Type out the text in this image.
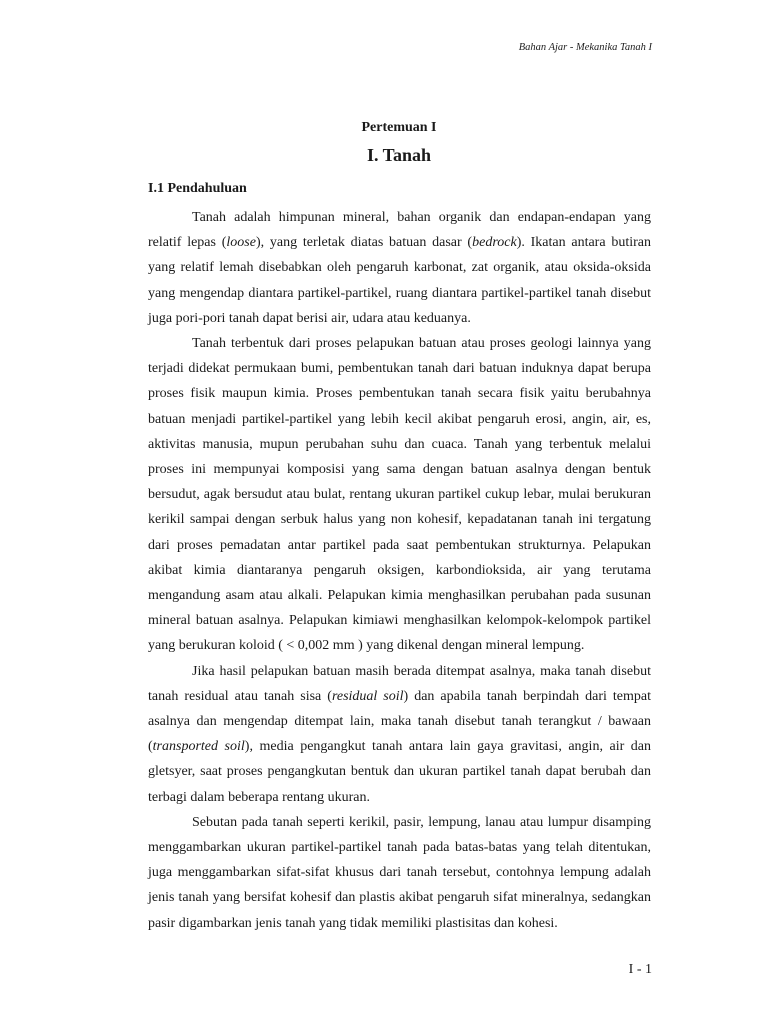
Bahan Ajar - Mekanika Tanah I
Pertemuan I
I. Tanah
I.1 Pendahuluan

Tanah adalah himpunan mineral, bahan organik dan endapan-endapan yang relatif lepas (loose), yang terletak diatas batuan dasar (bedrock). Ikatan antara butiran yang relatif lemah disebabkan oleh pengaruh karbonat, zat organik, atau oksida-oksida yang mengendap diantara partikel-partikel, ruang diantara partikel-partikel tanah disebut juga pori-pori tanah dapat berisi air, udara atau keduanya.

Tanah terbentuk dari proses pelapukan batuan atau proses geologi lainnya yang terjadi didekat permukaan bumi, pembentukan tanah dari batuan induknya dapat berupa proses fisik maupun kimia. Proses pembentukan tanah secara fisik yaitu berubahnya batuan menjadi partikel-partikel yang lebih kecil akibat pengaruh erosi, angin, air, es, aktivitas manusia, mupun perubahan suhu dan cuaca. Tanah yang terbentuk melalui proses ini mempunyai komposisi yang sama dengan batuan asalnya dengan bentuk bersudut, agak bersudut atau bulat, rentang ukuran partikel cukup lebar, mulai berukuran kerikil sampai dengan serbuk halus yang non kohesif, kepadatanan tanah ini tergatung dari proses pemadatan antar partikel pada saat pembentukan strukturnya. Pelapukan akibat kimia diantaranya pengaruh oksigen, karbondioksida, air yang terutama mengandung asam atau alkali. Pelapukan kimia menghasilkan perubahan pada susunan mineral batuan asalnya. Pelapukan kimiawi menghasilkan kelompok-kelompok partikel yang berukuran koloid ( < 0,002 mm ) yang dikenal dengan mineral lempung.

Jika hasil pelapukan batuan masih berada ditempat asalnya, maka tanah disebut tanah residual atau tanah sisa (residual soil) dan apabila tanah berpindah dari tempat asalnya dan mengendap ditempat lain, maka tanah disebut tanah terangkut / bawaan (transported soil), media pengangkut tanah antara lain gaya gravitasi, angin, air dan gletsyer, saat proses pengangkutan bentuk dan ukuran partikel tanah dapat berubah dan terbagi dalam beberapa rentang ukuran.

Sebutan pada tanah seperti kerikil, pasir, lempung, lanau atau lumpur disamping menggambarkan ukuran partikel-partikel tanah pada batas-batas yang telah ditentukan, juga menggambarkan sifat-sifat khusus dari tanah tersebut, contohnya lempung adalah jenis tanah yang bersifat kohesif dan plastis akibat pengaruh sifat mineralnya, sedangkan pasir digambarkan jenis tanah yang tidak memiliki plastisitas dan kohesi.

I - 1
